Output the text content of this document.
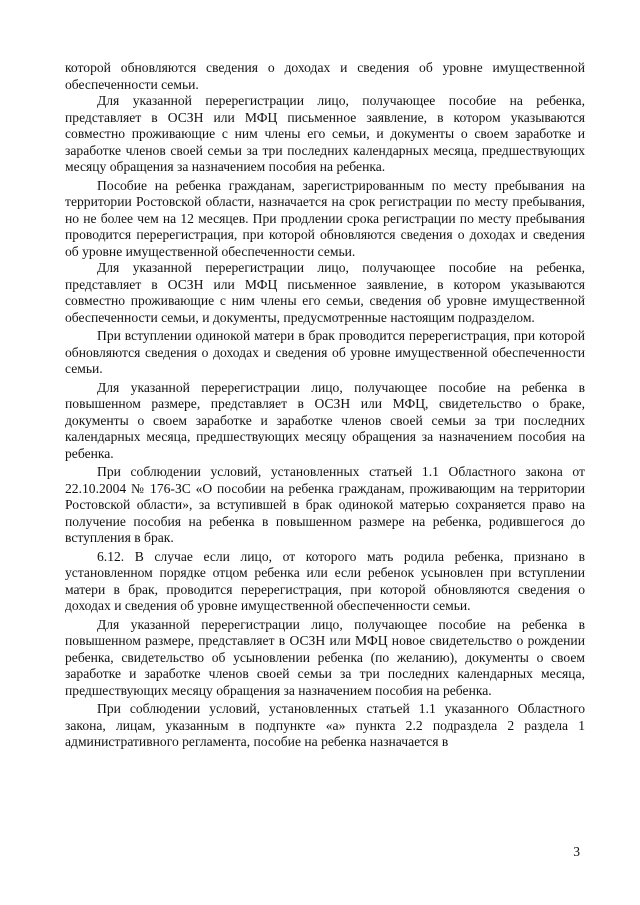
которой обновляются сведения о доходах и сведения об уровне имущественной обеспеченности семьи.

Для указанной перерегистрации лицо, получающее пособие на ребенка, представляет в ОСЗН или МФЦ письменное заявление, в котором указываются совместно проживающие с ним члены его семьи, и документы о своем заработке и заработке членов своей семьи за три последних календарных месяца, предшествующих месяцу обращения за назначением пособия на ребенка.

Пособие на ребенка гражданам, зарегистрированным по месту пребывания на территории Ростовской области, назначается на срок регистрации по месту пребывания, но не более чем на 12 месяцев. При продлении срока регистрации по месту пребывания проводится перерегистрация, при которой обновляются сведения о доходах и сведения об уровне имущественной обеспеченности семьи.

Для указанной перерегистрации лицо, получающее пособие на ребенка, представляет в ОСЗН или МФЦ письменное заявление, в котором указываются совместно проживающие с ним члены его семьи, сведения об уровне имущественной обеспеченности семьи, и документы, предусмотренные настоящим подразделом.

При вступлении одинокой матери в брак проводится перерегистрация, при которой обновляются сведения о доходах и сведения об уровне имущественной обеспеченности семьи.

Для указанной перерегистрации лицо, получающее пособие на ребенка в повышенном размере, представляет в ОСЗН или МФЦ, свидетельство о браке, документы о своем заработке и заработке членов своей семьи за три последних календарных месяца, предшествующих месяцу обращения за назначением пособия на ребенка.

При соблюдении условий, установленных статьей 1.1 Областного закона от 22.10.2004 № 176-ЗС «О пособии на ребенка гражданам, проживающим на территории Ростовской области», за вступившей в брак одинокой матерью сохраняется право на получение пособия на ребенка в повышенном размере на ребенка, родившегося до вступления в брак.

6.12. В случае если лицо, от которого мать родила ребенка, признано в установленном порядке отцом ребенка или если ребенок усыновлен при вступлении матери в брак, проводится перерегистрация, при которой обновляются сведения о доходах и сведения об уровне имущественной обеспеченности семьи.

Для указанной перерегистрации лицо, получающее пособие на ребенка в повышенном размере, представляет в ОСЗН или МФЦ новое свидетельство о рождении ребенка, свидетельство об усыновлении ребенка (по желанию), документы о своем заработке и заработке членов своей семьи за три последних календарных месяца, предшествующих месяцу обращения за назначением пособия на ребенка.

При соблюдении условий, установленных статьей 1.1 указанного Областного закона, лицам, указанным в подпункте «а» пункта 2.2 подраздела 2 раздела 1 административного регламента, пособие на ребенка назначается в

3
